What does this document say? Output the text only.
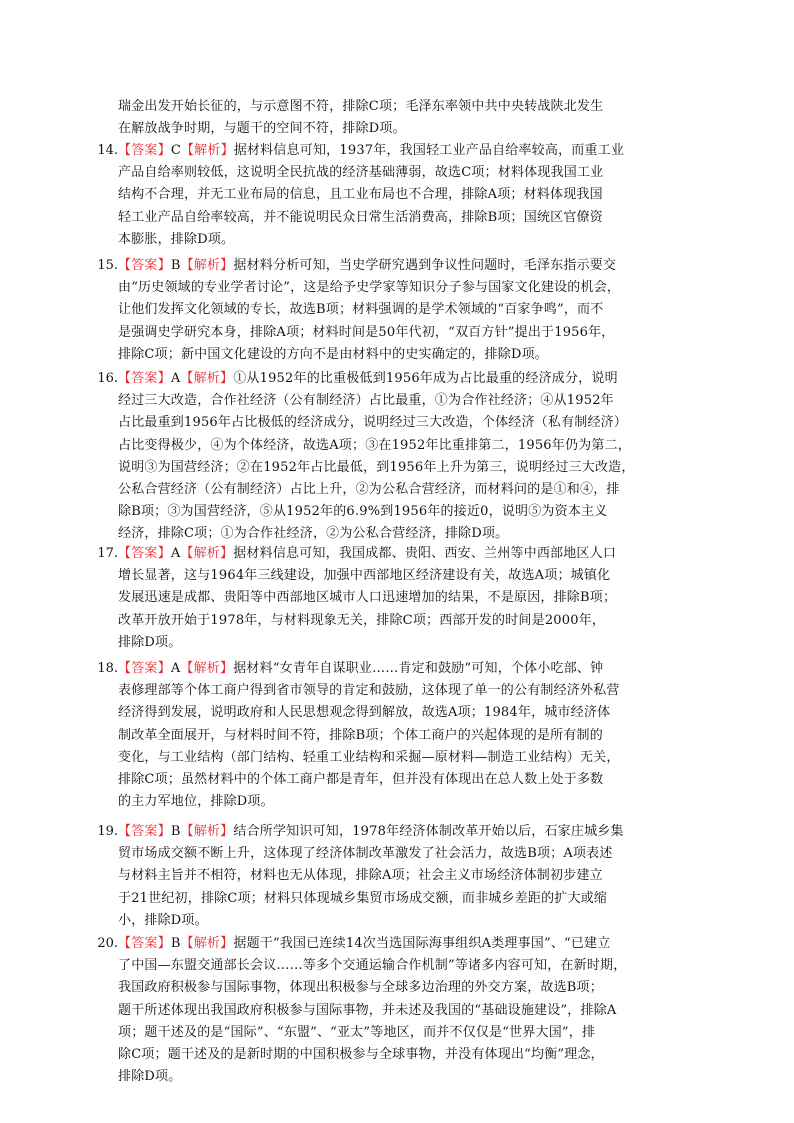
瑞金出发开始长征的，与示意图不符，排除C项；毛泽东率领中共中央转战陕北发生
在解放战争时期，与题干的空间不符，排除D项。
14. 【答案】C【解析】据材料信息可知，1937年，我国轻工业产品自给率较高，而重工业
产品自给率则较低，这说明全民抗战的经济基础薄弱，故选C项；材料体现我国工业
结构不合理，并无工业布局的信息，且工业布局也不合理，排除A项；材料体现我国
轻工业产品自给率较高，并不能说明民众日常生活消费高，排除B项；国统区官僚资
本膨胀，排除D项。
15. 【答案】B【解析】据材料分析可知，当史学研究遇到争议性问题时，毛泽东指示要交
由“历史领域的专业学者讨论”，这是给予史学家等知识分子参与国家文化建设的机会，
让他们发挥文化领域的专长，故选B项；材料强调的是学术领域的“百家争鸣”，而不
是强调史学研究本身，排除A项；材料时间是50年代初，“双百方针”提出于1956年，
排除C项；新中国文化建设的方向不是由材料中的史实确定的，排除D项。
16. 【答案】A【解析】①从1952年的比重极低到1956年成为占比最重的经济成分，说明
经过三大改造，合作社经济（公有制经济）占比最重，①为合作社经济；④从1952年
占比最重到1956年占比极低的经济成分，说明经过三大改造，个体经济（私有制经济）
占比变得极少，④为个体经济，故选A项；③在1952年比重排第二，1956年仍为第二，
说明③为国营经济；②在1952年占比最低，到1956年上升为第三，说明经过三大改造，
公私合营经济（公有制经济）占比上升，②为公私合营经济，而材料问的是①和④，排
除B项；③为国营经济，⑤从1952年的6.9%到1956年的接近0，说明⑤为资本主义
经济，排除C项；①为合作社经济，②为公私合营经济，排除D项。
17. 【答案】A【解析】据材料信息可知，我国成都、贵阳、西安、兰州等中西部地区人口
增长显著，这与1964年三线建设，加强中西部地区经济建设有关，故选A项；城镇化
发展迅速是成都、贵阳等中西部地区城市人口迅速增加的结果，不是原因，排除B项；
改革开放开始于1978年，与材料现象无关，排除C项；西部开发的时间是2000年，
排除D项。
18. 【答案】A【解析】据材料“女青年自谋职业……肯定和鼓励”可知，个体小吃部、钟
表修理部等个体工商户得到省市领导的肯定和鼓励，这体现了单一的公有制经济外私营
经济得到发展，说明政府和人民思想观念得到解放，故选A项；1984年，城市经济体
制改革全面展开，与材料时间不符，排除B项；个体工商户的兴起体现的是所有制的
变化，与工业结构（部门结构、轻重工业结构和采掘—原材料—制造工业结构）无关，
排除C项；虽然材料中的个体工商户都是青年，但并没有体现出在总人数上处于多数
的主力军地位，排除D项。
19. 【答案】B【解析】结合所学知识可知，1978年经济体制改革开始以后，石家庄城乡集
贸市场成交额不断上升，这体现了经济体制改革激发了社会活力，故选B项；A项表述
与材料主旨并不相符，材料也无从体现，排除A项；社会主义市场经济体制初步建立
于21世纪初，排除C项；材料只体现城乡集贸市场成交额，而非城乡差距的扩大或缩
小，排除D项。
20. 【答案】B【解析】据题干“我国已连续14次当选国际海事组织A类理事国”、“已建立
了中国—东盟交通部长会议……等多个交通运输合作机制”等诸多内容可知，在新时期，
我国政府积极参与国际事物，体现出积极参与全球多边治理的外交方案，故选B项；
题干所述体现出我国政府积极参与国际事物，并未述及我国的“基础设施建设”，排除A
项；题干述及的是“国际”、“东盟”、“亚太”等地区，而并不仅仅是“世界大国”，排
除C项；题干述及的是新时期的中国积极参与全球事物，并没有体现出“均衡”理念，
排除D项。
